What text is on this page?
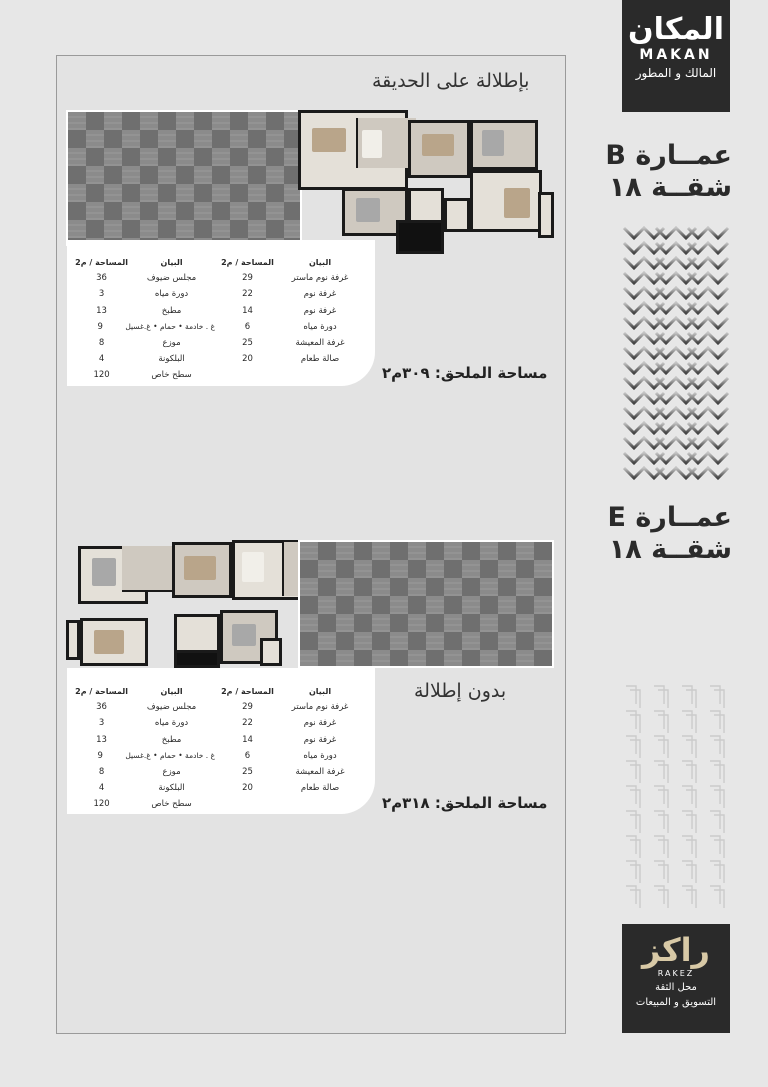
بإطلالة على الحديقة
البيان
المساحة / م2
غرفة نوم ماستر
29
غرفة نوم
22
غرفة نوم
14
دورة مياه
6
غرفة المعيشة
25
صالة طعام
20
البيان
المساحة / م2
مجلس ضيوف
36
دورة مياه
3
مطبخ
13
غ . خادمة • حمام • غ.غسيل
9
موزع
8
البلكونة
4
سطح خاص
120	مساحة الملحق: ٣٠٩م٢
بدون إطلالة
البيان
المساحة / م2
غرفة نوم ماستر
29
غرفة نوم
22
غرفة نوم
14
دورة مياه
6
غرفة المعيشة
25
صالة طعام
20
البيان
المساحة / م2
مجلس ضيوف
36
دورة مياه
3
مطبخ
13
غ . خادمة • حمام • غ.غسيل
9
موزع
8
البلكونة
4
سطح خاص
120	مساحة الملحق: ٣١٨م٢
المكان
MAKAN
المالك و المطور
عمــارة B
شقــة ١٨
عمــارة E
شقــة ١٨
راكز
RAKEZ
محل الثقة
التسويق و المبيعات
